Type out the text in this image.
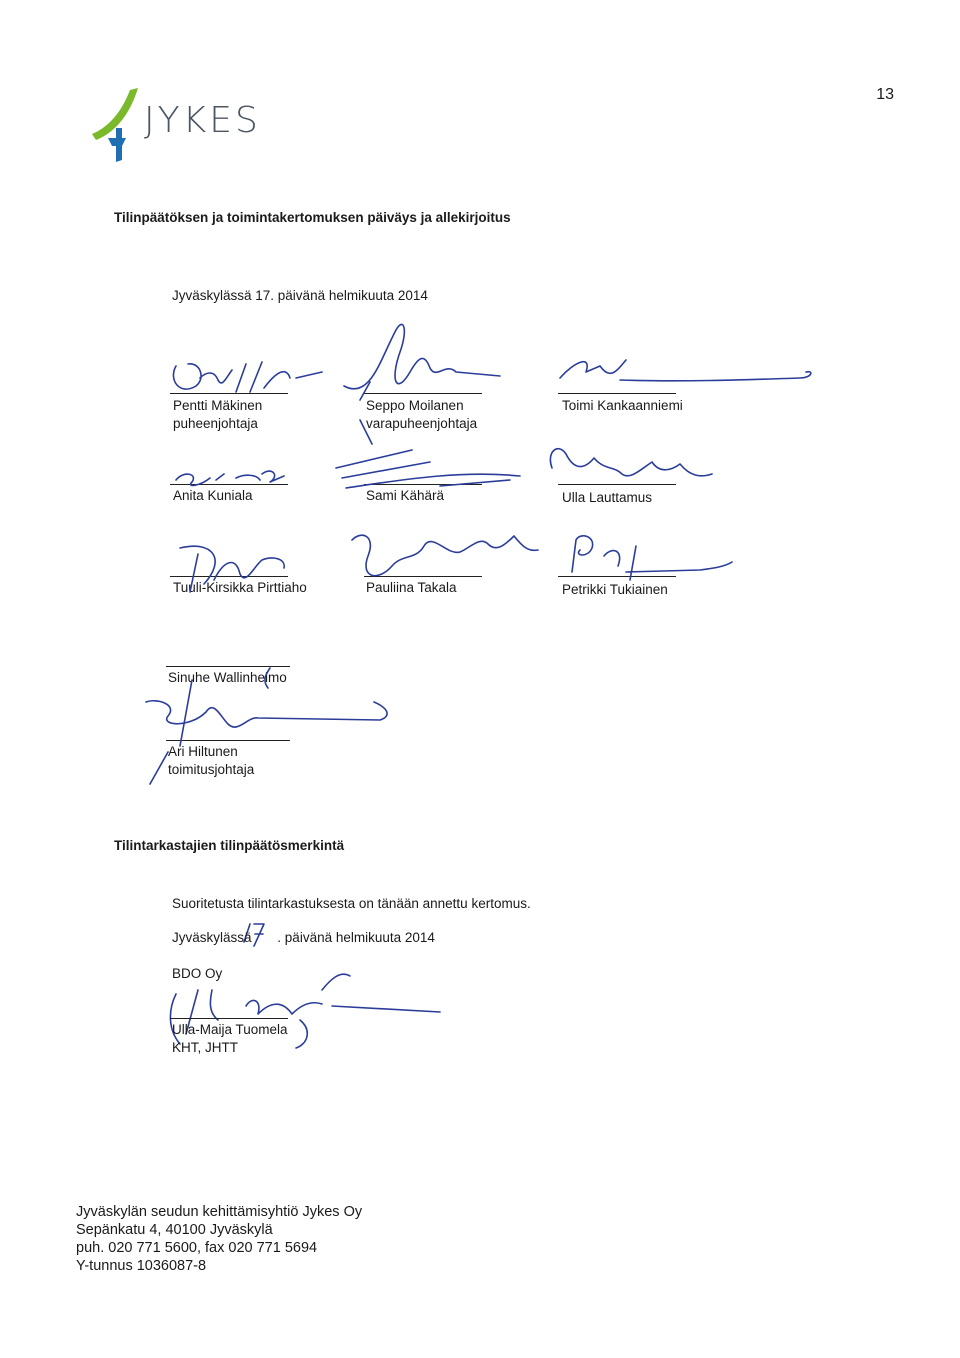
JYKES
13
Tilinpäätöksen ja toimintakertomuksen päiväys ja allekirjoitus
Jyväskylässä 17. päivänä helmikuuta 2014
Pentti Mäkinen
puheenjohtaja
Seppo Moilanen
varapuheenjohtaja
Toimi Kankaanniemi
Anita Kuniala	Sami Kähärä	Ulla Lauttamus
Tuuli-Kirsikka Pirttiaho	Pauliina Takala	Petrikki Tukiainen
Sinuhe Wallinheimo
Ari Hiltunen
toimitusjohtaja
Tilintarkastajien tilinpäätösmerkintä
Suoritetusta tilintarkastuksesta on tänään annettu kertomus.
Jyväskylässä . päivänä helmikuuta 2014
BDO Oy
Ulla-Maija Tuomela
KHT, JHTT
Jyväskylän seudun kehittämisyhtiö Jykes Oy
Sepänkatu 4, 40100 Jyväskylä
puh. 020 771 5600, fax 020 771 5694
Y-tunnus 1036087-8
